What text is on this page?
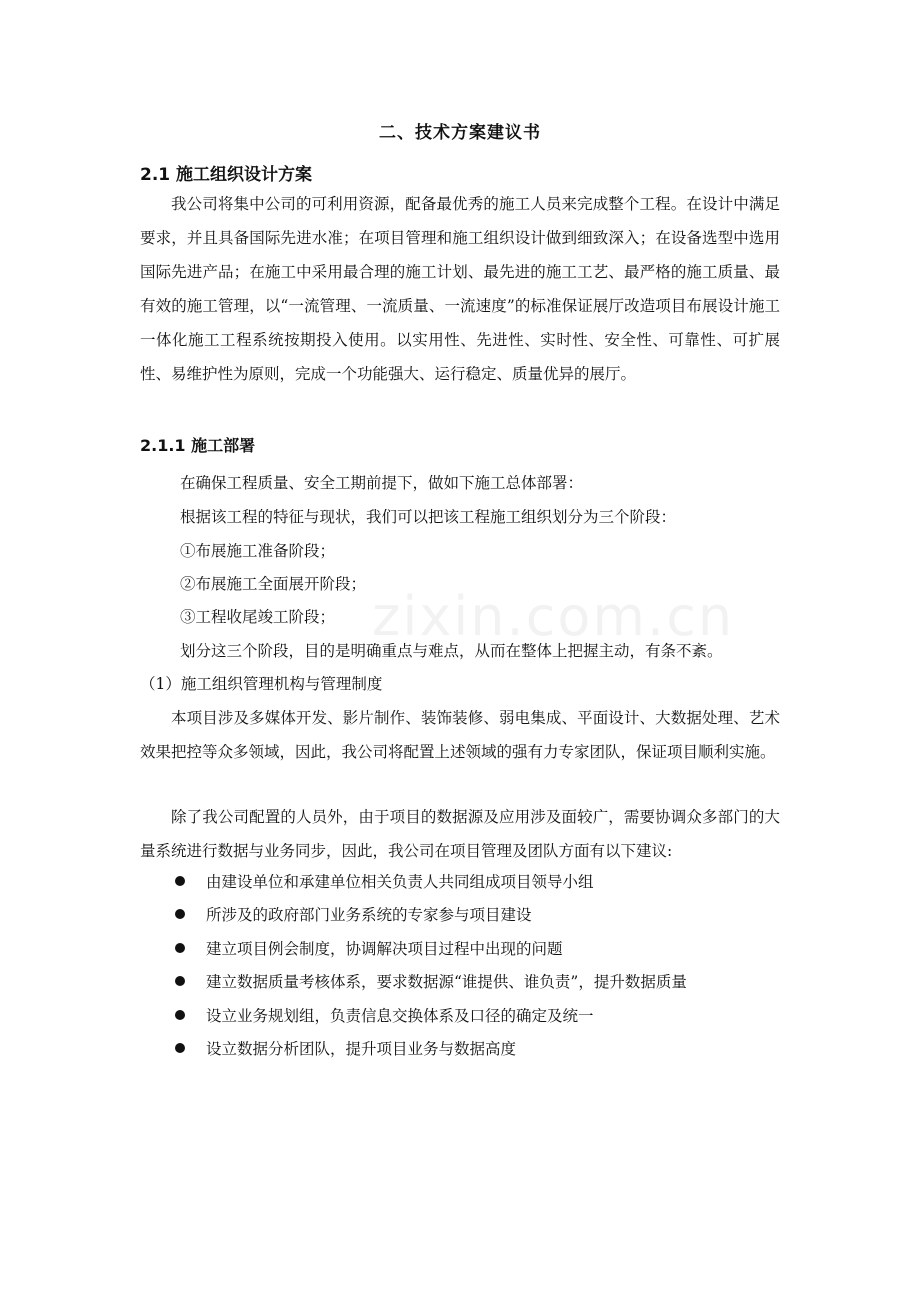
zixin.com.cn
二、技术方案建议书
2.1 施工组织设计方案

我公司将集中公司的可利用资源，配备最优秀的施工人员来完成整个工程。在设计中满足要求，并且具备国际先进水准；在项目管理和施工组织设计做到细致深入；在设备选型中选用国际先进产品；在施工中采用最合理的施工计划、最先进的施工工艺、最严格的施工质量、最有效的施工管理，以“一流管理、一流质量、一流速度”的标准保证展厅改造项目布展设计施工一体化施工工程系统按期投入使用。以实用性、先进性、实时性、安全性、可靠性、可扩展性、易维护性为原则，完成一个功能强大、运行稳定、质量优异的展厅。

2.1.1 施工部署
在确保工程质量、安全工期前提下，做如下施工总体部署：
根据该工程的特征与现状，我们可以把该工程施工组织划分为三个阶段：
①布展施工准备阶段；
②布展施工全面展开阶段；
③工程收尾竣工阶段；
划分这三个阶段，目的是明确重点与难点，从而在整体上把握主动，有条不紊。
（1）施工组织管理机构与管理制度

本项目涉及多媒体开发、影片制作、装饰装修、弱电集成、平面设计、大数据处理、艺术效果把控等众多领域，因此，我公司将配置上述领域的强有力专家团队，保证项目顺利实施。

除了我公司配置的人员外，由于项目的数据源及应用涉及面较广，需要协调众多部门的大量系统进行数据与业务同步，因此，我公司在项目管理及团队方面有以下建议:

由建设单位和承建单位相关负责人共同组成项目领导小组
所涉及的政府部门业务系统的专家参与项目建设
建立项目例会制度，协调解决项目过程中出现的问题
建立数据质量考核体系，要求数据源“谁提供、谁负责”，提升数据质量
设立业务规划组，负责信息交换体系及口径的确定及统一
设立数据分析团队，提升项目业务与数据高度
